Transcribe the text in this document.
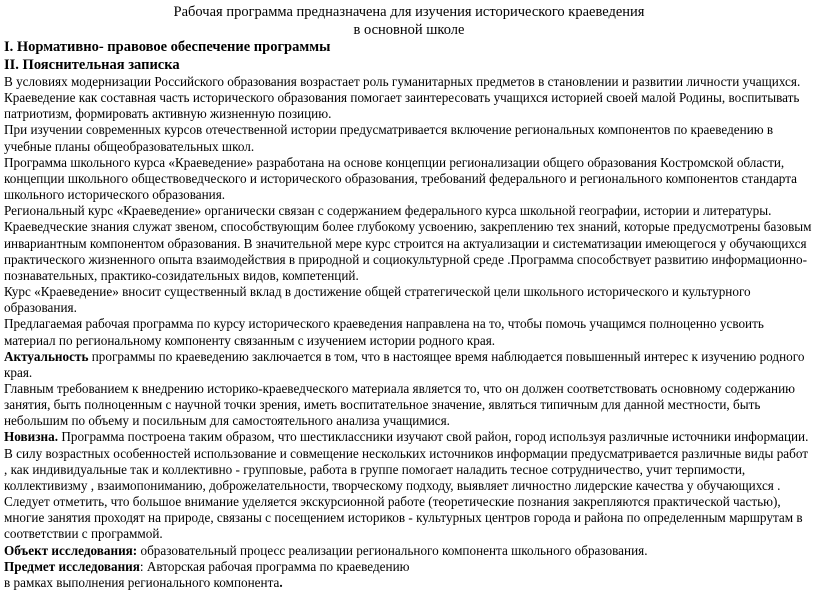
Рабочая программа предназначена для изучения исторического краеведения
в основной школе
I. Нормативно- правовое обеспечение программы
II. Пояснительная записка

В условиях модернизации Российского образования возрастает роль гуманитарных предметов в становлении и развитии личности учащихся. Краеведение как составная часть исторического образования помогает заинтересовать учащихся историей своей малой Родины, воспитывать патриотизм, формировать активную жизненную позицию.

При изучении современных курсов отечественной истории предусматривается включение региональных компонентов по краеведению в учебные планы общеобразовательных школ.

Программа школьного курса «Краеведение» разработана на основе концепции регионализации общего образования Костромской области, концепции школьного обществоведческого и исторического образования, требований федерального и регионального компонентов стандарта школьного исторического образования.

Региональный курс «Краеведение» органически связан с содержанием федерального курса школьной географии, истории и литературы. Краеведческие знания служат звеном, способствующим более глубокому усвоению, закреплению тех знаний, которые предусмотрены базовым инвариантным компонентом образования. В значительной мере курс строится на актуализации и систематизации имеющегося у обучающихся практического жизненного опыта взаимодействия в природной и социокультурной среде .Программа способствует развитию информационно-познавательных, практико-созидательных видов, компетенций.

Курс «Краеведение» вносит существенный вклад в достижение общей стратегической цели школьного исторического и культурного образования.

Предлагаемая рабочая программа по курсу исторического краеведения направлена на то, чтобы помочь учащимся полноценно усвоить материал по региональному компоненту связанным с изучением истории родного края.

Актуальность программы по краеведению заключается в том, что в настоящее время наблюдается повышенный интерес к изучению родного края.

Главным требованием к внедрению историко-краеведческого материала является то, что он должен соответствовать основному содержанию занятия, быть полноценным с научной точки зрения, иметь воспитательное значение, являться типичным для данной местности, быть небольшим по объему и посильным для самостоятельного анализа учащимися.

Новизна. Программа построена таким образом, что шестиклассники изучают свой район, город используя различные источники информации. В силу возрастных особенностей использование и совмещение нескольких источников информации предусматривается различные виды работ , как индивидуальные так и коллективно - групповые, работа в группе помогает наладить тесное сотрудничество, учит терпимости, коллективизму , взаимопониманию, доброжелательности, творческому подходу, выявляет личностно лидерские качества у обучающихся . Следует отметить, что большое внимание уделяется экскурсионной работе (теоретические познания закрепляются практической частью), многие занятия проходят на природе, связаны с посещением историков - культурных центров города и района по определенным маршрутам в соответствии с программой.

Объект исследования: образовательный процесс реализации регионального компонента школьного образования.

Предмет исследования: Авторская рабочая программа по краеведению

в рамках выполнения регионального компонента.
